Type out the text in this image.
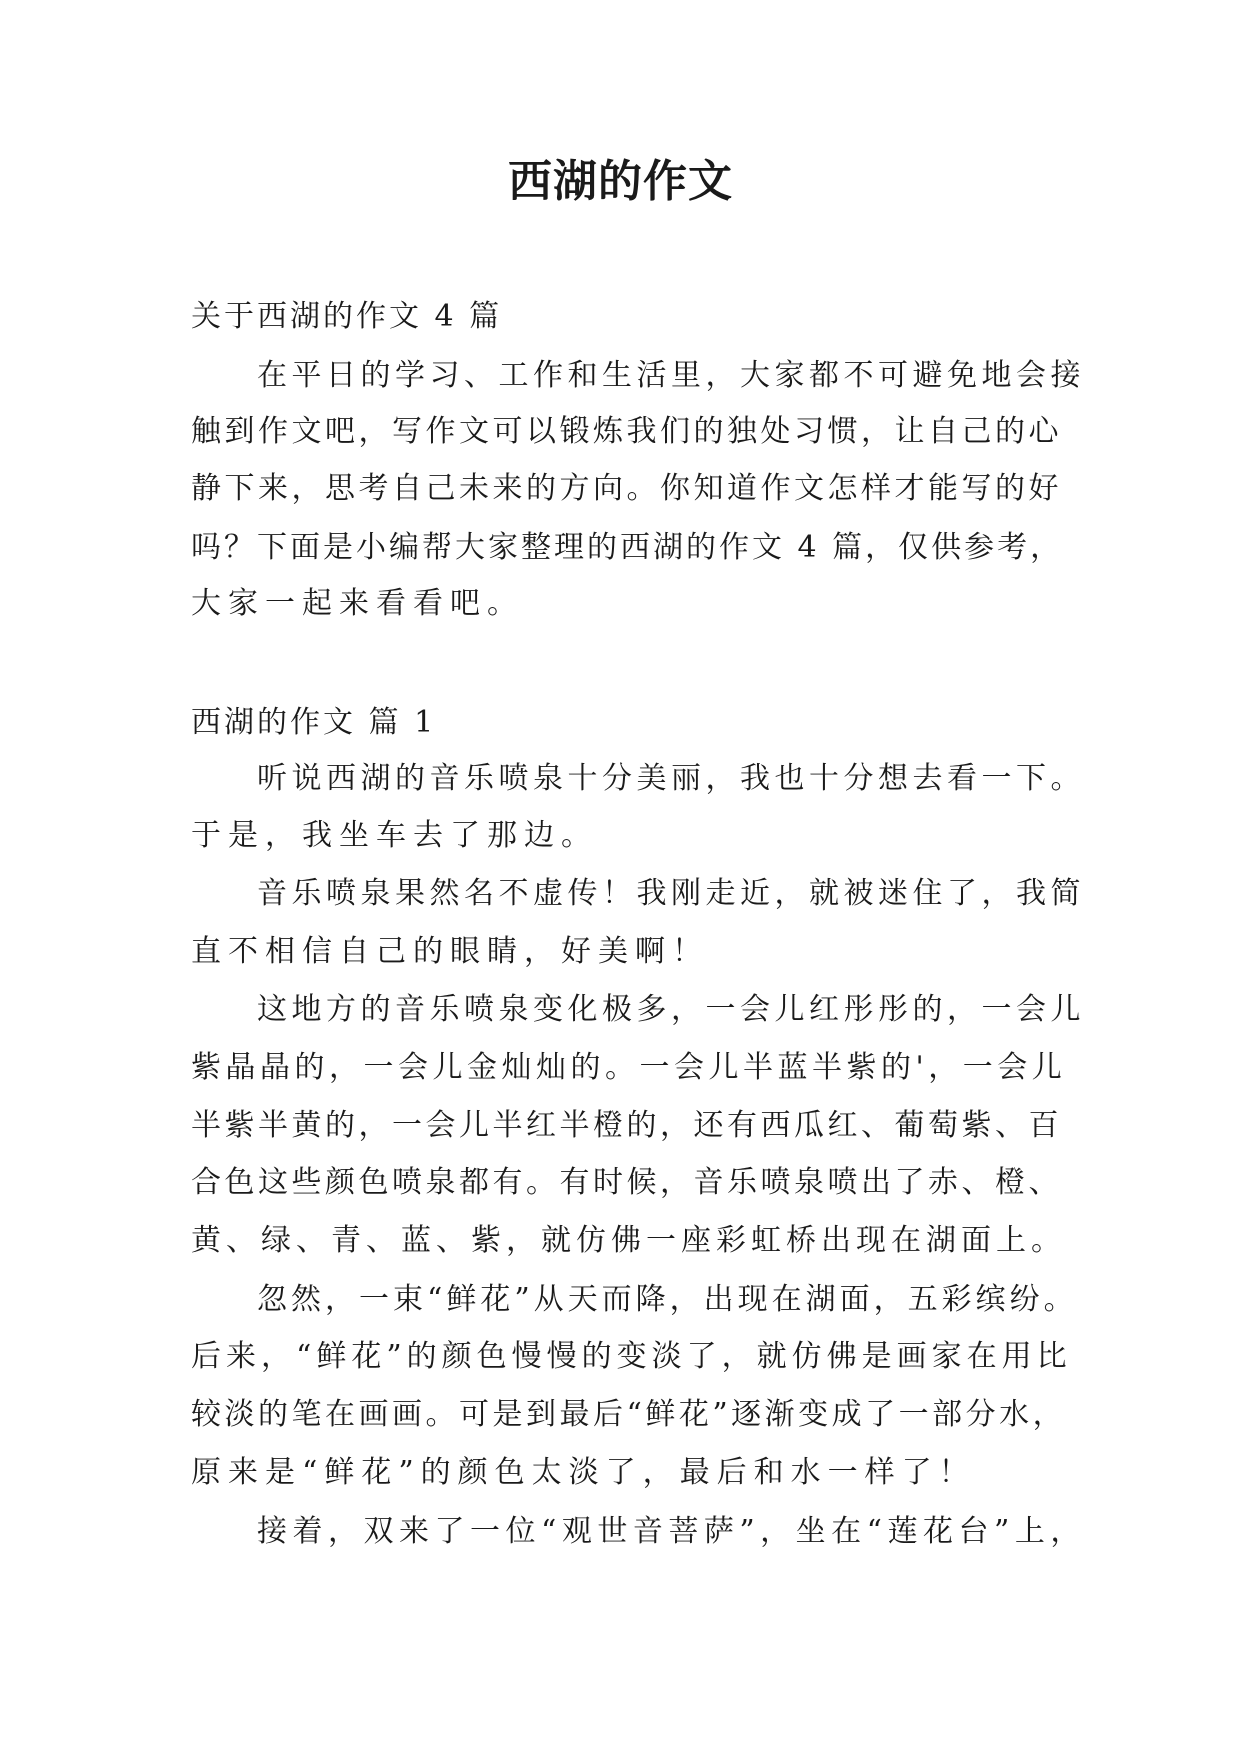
西湖的作文

关于西湖的作文 4 篇

在平日的学习、工作和生活里，大家都不可避免地会接

触到作文吧，写作文可以锻炼我们的独处习惯，让自己的心

静下来，思考自己未来的方向。你知道作文怎样才能写的好

吗？下面是小编帮大家整理的西湖的作文 4 篇，仅供参考，

大家一起来看看吧。

西湖的作文 篇 1

听说西湖的音乐喷泉十分美丽，我也十分想去看一下。

于是，我坐车去了那边。

音乐喷泉果然名不虚传！我刚走近，就被迷住了，我简

直不相信自己的眼睛，好美啊！

这地方的音乐喷泉变化极多，一会儿红彤彤的，一会儿

紫晶晶的，一会儿金灿灿的。一会儿半蓝半紫的'，一会儿

半紫半黄的，一会儿半红半橙的，还有西瓜红、葡萄紫、百

合色这些颜色喷泉都有。有时候，音乐喷泉喷出了赤、橙、

黄、绿、青、蓝、紫，就仿佛一座彩虹桥出现在湖面上。

忽然，一束“鲜花”从天而降，出现在湖面，五彩缤纷。

后来，“鲜花”的颜色慢慢的变淡了，就仿佛是画家在用比

较淡的笔在画画。可是到最后“鲜花”逐渐变成了一部分水，

原来是“鲜花”的颜色太淡了，最后和水一样了！

接着，双来了一位“观世音菩萨”，坐在“莲花台”上，
